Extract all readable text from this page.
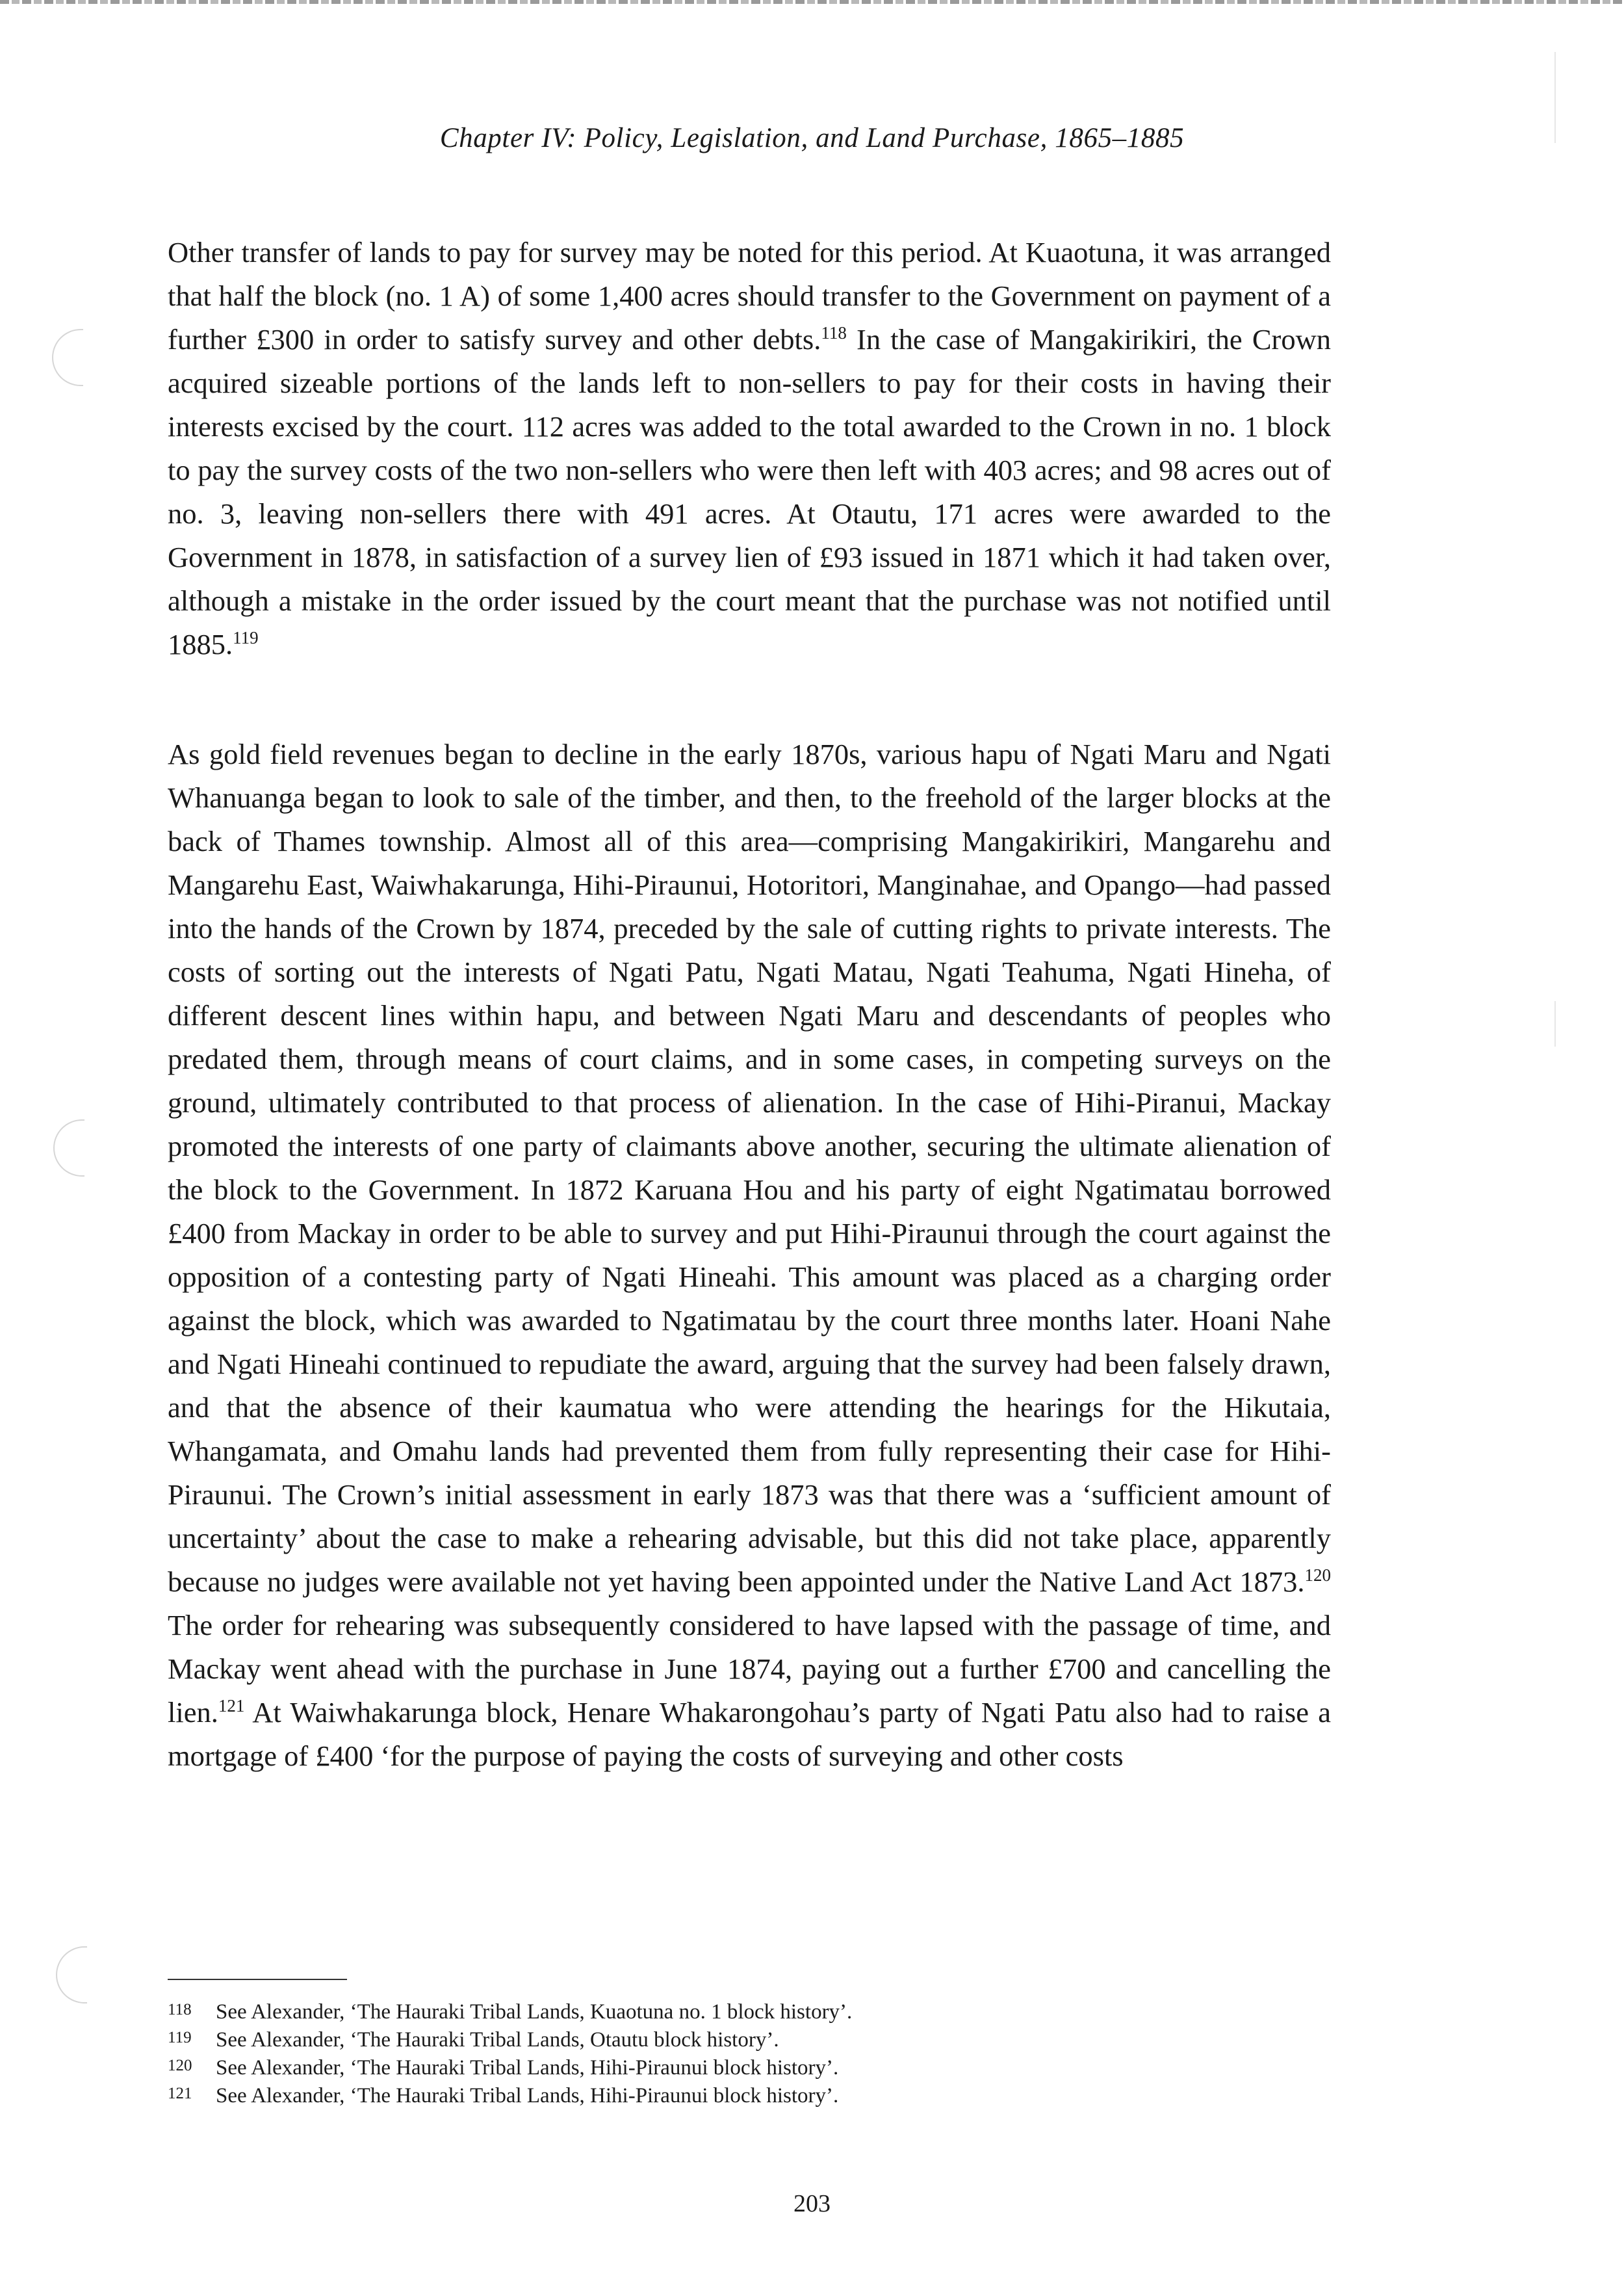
Chapter IV: Policy, Legislation, and Land Purchase, 1865–1885

Other transfer of lands to pay for survey may be noted for this period. At Kuaotuna, it was arranged that half the block (no. 1 A) of some 1,400 acres should transfer to the Government on payment of a further £300 in order to satisfy survey and other debts.$^{118}$ In the case of Mangakirikiri, the Crown acquired sizeable portions of the lands left to non-sellers to pay for their costs in having their interests excised by the court. 112 acres was added to the total awarded to the Crown in no. 1 block to pay the survey costs of the two non-sellers who were then left with 403 acres; and 98 acres out of no. 3, leaving non-sellers there with 491 acres. At Otautu, 171 acres were awarded to the Government in 1878, in satisfaction of a survey lien of £93 issued in 1871 which it had taken over, although a mistake in the order issued by the court meant that the purchase was not notified until 1885.$^{119}$

As gold field revenues began to decline in the early 1870s, various hapu of Ngati Maru and Ngati Whanuanga began to look to sale of the timber, and then, to the freehold of the larger blocks at the back of Thames township. Almost all of this area—comprising Mangakirikiri, Mangarehu and Mangarehu East, Waiwhakarunga, Hihi-Piraunui, Hotoritori, Manginahae, and Opango—had passed into the hands of the Crown by 1874, preceded by the sale of cutting rights to private interests. The costs of sorting out the interests of Ngati Patu, Ngati Matau, Ngati Teahuma, Ngati Hineha, of different descent lines within hapu, and between Ngati Maru and descendants of peoples who predated them, through means of court claims, and in some cases, in competing surveys on the ground, ultimately contributed to that process of alienation. In the case of Hihi-Piranui, Mackay promoted the interests of one party of claimants above another, securing the ultimate alienation of the block to the Government. In 1872 Karuana Hou and his party of eight Ngatimatau borrowed £400 from Mackay in order to be able to survey and put Hihi-Piraunui through the court against the opposition of a contesting party of Ngati Hineahi. This amount was placed as a charging order against the block, which was awarded to Ngatimatau by the court three months later. Hoani Nahe and Ngati Hineahi continued to repudiate the award, arguing that the survey had been falsely drawn, and that the absence of their kaumatua who were attending the hearings for the Hikutaia, Whangamata, and Omahu lands had prevented them from fully representing their case for Hihi-Piraunui. The Crown’s initial assessment in early 1873 was that there was a ‘sufficient amount of uncertainty’ about the case to make a rehearing advisable, but this did not take place, apparently because no judges were available not yet having been appointed under the Native Land Act 1873.$^{120}$ The order for rehearing was subsequently considered to have lapsed with the passage of time, and Mackay went ahead with the purchase in June 1874, paying out a further £700 and cancelling the lien.$^{121}$ At Waiwhakarunga block, Henare Whakarongohau’s party of Ngati Patu also had to raise a mortgage of £400 ‘for the purpose of paying the costs of surveying and other costs

118 See Alexander, ‘The Hauraki Tribal Lands, Kuaotuna no. 1 block history’.
119 See Alexander, ‘The Hauraki Tribal Lands, Otautu block history’.
120 See Alexander, ‘The Hauraki Tribal Lands, Hihi-Piraunui block history’.
121 See Alexander, ‘The Hauraki Tribal Lands, Hihi-Piraunui block history’.
203
